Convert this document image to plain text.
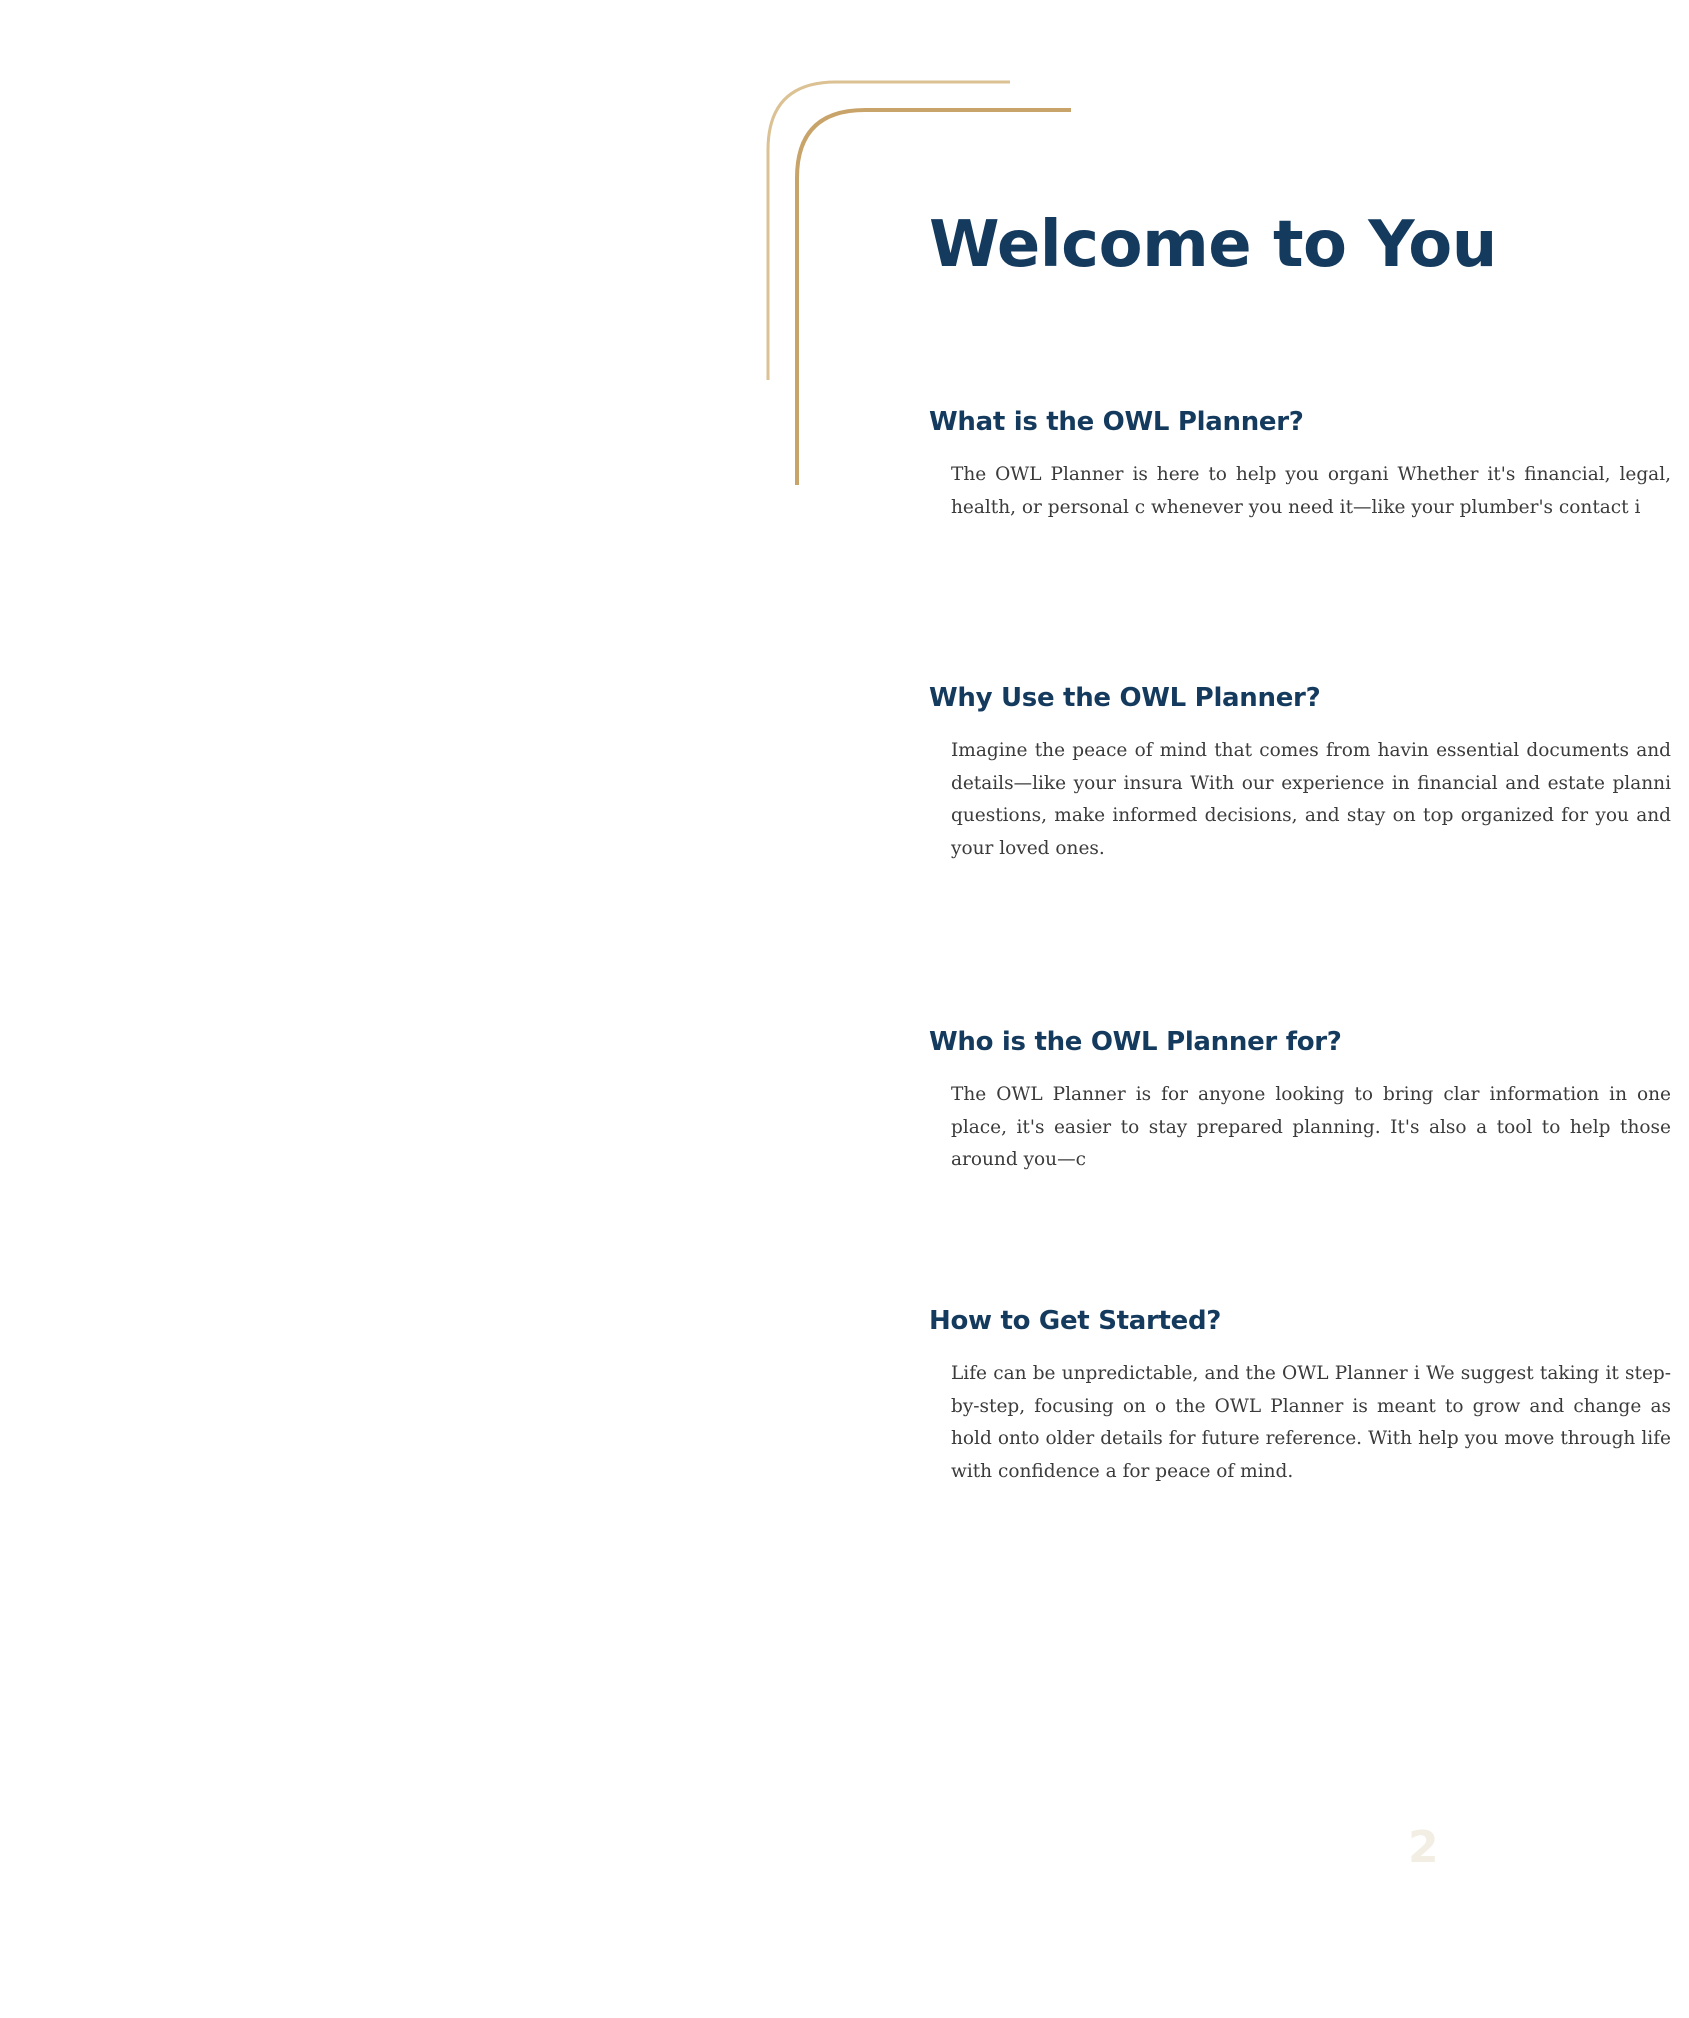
Welcome to You
What is the OWL Planner?

The OWL Planner is here to help you organi Whether it's financial, legal, health, or personal c whenever you need it—like your plumber's contact i

Why Use the OWL Planner?

Imagine the peace of mind that comes from havin essential documents and details—like your insura With our experience in financial and estate planni questions, make informed decisions, and stay on top organized for you and your loved ones.

Who is the OWL Planner for?

The OWL Planner is for anyone looking to bring clar information in one place, it's easier to stay prepared planning. It's also a tool to help those around you—c

How to Get Started?

Life can be unpredictable, and the OWL Planner i We suggest taking it step-by-step, focusing on o the OWL Planner is meant to grow and change as hold onto older details for future reference. With help you move through life with confidence a for peace of mind.

2
